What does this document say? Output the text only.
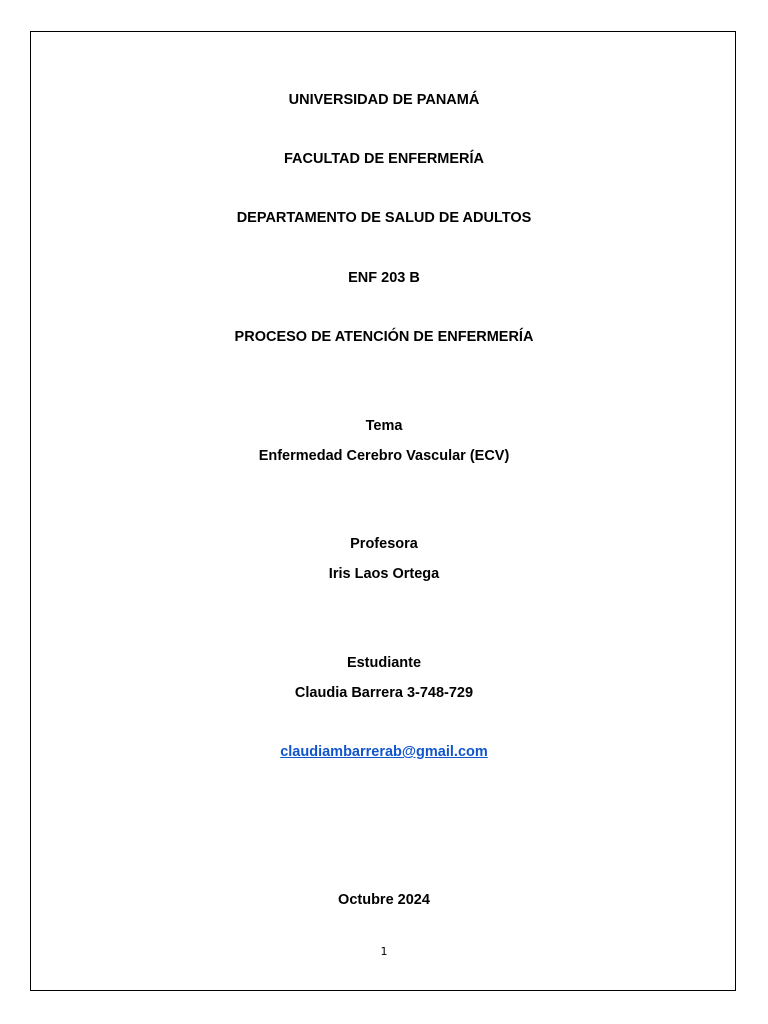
UNIVERSIDAD DE PANAMÁ
FACULTAD DE ENFERMERÍA
DEPARTAMENTO DE SALUD DE ADULTOS
ENF 203 B
PROCESO DE ATENCIÓN DE ENFERMERÍA
Tema
Enfermedad Cerebro Vascular (ECV)
Profesora
Iris Laos Ortega
Estudiante
Claudia Barrera 3-748-729
claudiambarrerab@gmail.com
Octubre 2024
1
